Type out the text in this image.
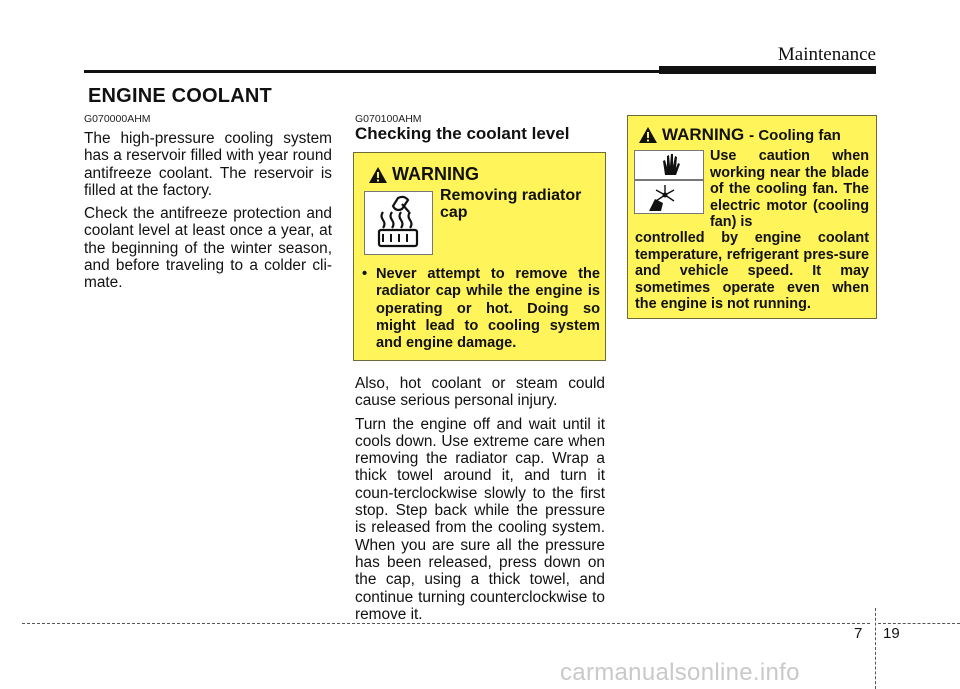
Maintenance
ENGINE COOLANT
G070000AHM

The high-pressure cooling system has a reservoir filled with year round antifreeze coolant. The reservoir is filled at the factory.

Check the antifreeze protection and coolant level at least once a year, at the beginning of the winter season, and before traveling to a colder cli-mate.

G070100AHM
Checking the coolant level
WARNING
Removing radiator cap
• Never attempt to remove the radiator cap while the engine is operating or hot. Doing so might lead to cooling system and engine damage.

Also, hot coolant or steam could cause serious personal injury.

Turn the engine off and wait until it cools down. Use extreme care when removing the radiator cap. Wrap a thick towel around it, and turn it coun-terclockwise slowly to the first stop. Step back while the pressure is released from the cooling system. When you are sure all the pressure has been released, press down on the cap, using a thick towel, and continue turning counterclockwise to remove it.

WARNING - Cooling fan
Use caution when working near the blade of the cooling fan. The electric motor (cooling fan) is
controlled by engine coolant temperature, refrigerant pres-sure and vehicle speed. It may sometimes operate even when the engine is not running.
7 19
carmanualsonline.info
